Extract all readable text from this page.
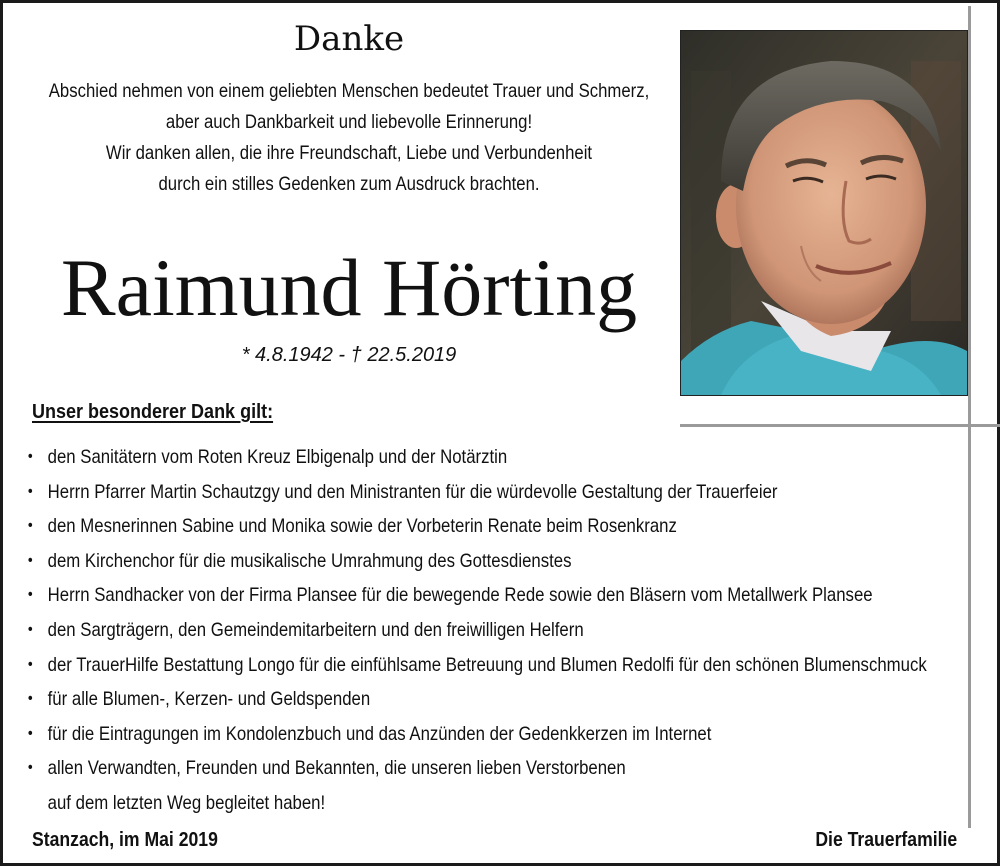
Danke
Abschied nehmen von einem geliebten Menschen bedeutet Trauer und Schmerz,
aber auch Dankbarkeit und liebevolle Erinnerung!
Wir danken allen, die ihre Freundschaft, Liebe und Verbundenheit
durch ein stilles Gedenken zum Ausdruck brachten.
Raimund Hörting
* 4.8.1942 - † 22.5.2019
Unser besonderer Dank gilt:
• den Sanitätern vom Roten Kreuz Elbigenalp und der Notärztin
• Herrn Pfarrer Martin Schautzgy und den Ministranten für die würdevolle Gestaltung der Trauerfeier
• den Mesnerinnen Sabine und Monika sowie der Vorbeterin Renate beim Rosenkranz
• dem Kirchenchor für die musikalische Umrahmung des Gottesdienstes
• Herrn Sandhacker von der Firma Plansee für die bewegende Rede sowie den Bläsern vom Metallwerk Plansee
• den Sargträgern, den Gemeindemitarbeitern und den freiwilligen Helfern
• der TrauerHilfe Bestattung Longo für die einfühlsame Betreuung und Blumen Redolfi für den schönen Blumenschmuck
• für alle Blumen-, Kerzen- und Geldspenden
• für die Eintragungen im Kondolenzbuch und das Anzünden der Gedenkkerzen im Internet
• allen Verwandten, Freunden und Bekannten, die unseren lieben Verstorbenen
auf dem letzten Weg begleitet haben!
Stanzach, im Mai 2019	Die Trauerfamilie
